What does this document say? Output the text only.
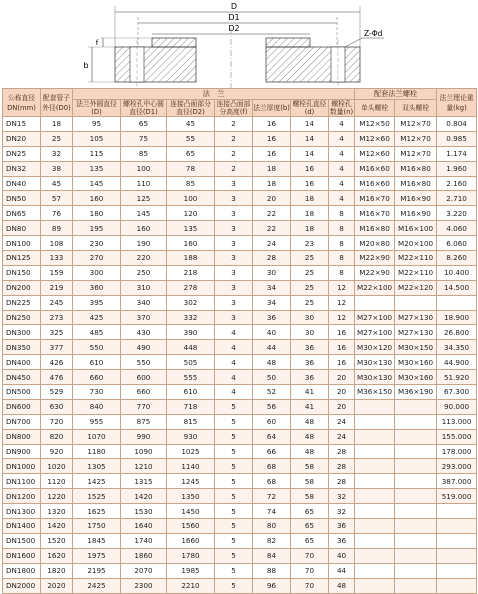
D
D1
D2
f
b
Z-Φd
公称直径DN(mm)	配套管子外径(D0)	法　兰							配套法兰螺栓		法兰理论重量(kg)
		法兰外圆直径(D)	螺栓孔中心圆直径(D1)	连接凸面部分直径(D2)	连接凸面部分高度(f)	法兰厚度(b)	螺栓孔直径(d)	螺栓孔数量(n)	单头螺栓	双头螺栓	
DN15	18	95	65	45	2	16	14	4	M12×50	M12×70	0.804
DN20	25	105	75	55	2	16	14	4	M12×60	M12×70	0.985
DN25	32	115	85	65	2	16	14	4	M12×60	M12×70	1.174
DN32	38	135	100	78	2	18	16	4	M16×60	M16×80	1.960
DN40	45	145	110	85	3	18	16	4	M16×60	M16×80	2.160
DN50	57	160	125	100	3	20	18	4	M16×70	M16×90	2.710
DN65	76	180	145	120	3	22	18	8	M16×70	M16×90	3.220
DN80	89	195	160	135	3	22	18	8	M16×80	M16×100	4.060
DN100	108	230	190	160	3	24	23	8	M20×80	M20×100	6.060
DN125	133	270	220	188	3	28	25	8	M22×90	M22×110	8.260
DN150	159	300	250	218	3	30	25	8	M22×90	M22×110	10.400
DN200	219	360	310	278	3	34	25	12	M22×100	M22×120	14.500
DN225	245	395	340	302	3	34	25	12			
DN250	273	425	370	332	3	36	30	12	M27×100	M27×130	18.900
DN300	325	485	430	390	4	40	30	16	M27×100	M27×130	26.800
DN350	377	550	490	448	4	44	36	16	M30×120	M30×150	34.350
DN400	426	610	550	505	4	48	36	16	M30×130	M30×160	44.900
DN450	476	660	600	555	4	50	36	20	M30×130	M30×160	51.920
DN500	529	730	660	610	4	52	41	20	M36×150	M36×190	67.300
DN600	630	840	770	718	5	56	41	20			90.000
DN700	720	955	875	815	5	60	48	24			113.000
DN800	820	1070	990	930	5	64	48	24			155.000
DN900	920	1180	1090	1025	5	66	48	28			178.000
DN1000	1020	1305	1210	1140	5	68	58	28			293.000
DN1100	1120	1425	1315	1245	5	68	58	28			387.000
DN1200	1220	1525	1420	1350	5	72	58	32			519.000
DN1300	1320	1625	1530	1450	5	74	65	32			
DN1400	1420	1750	1640	1560	5	80	65	36			
DN1500	1520	1845	1740	1660	5	82	65	36			
DN1600	1620	1975	1860	1780	5	84	70	40			
DN1800	1820	2195	2070	1985	5	88	70	44			
DN2000	2020	2425	2300	2210	5	96	70	48			
